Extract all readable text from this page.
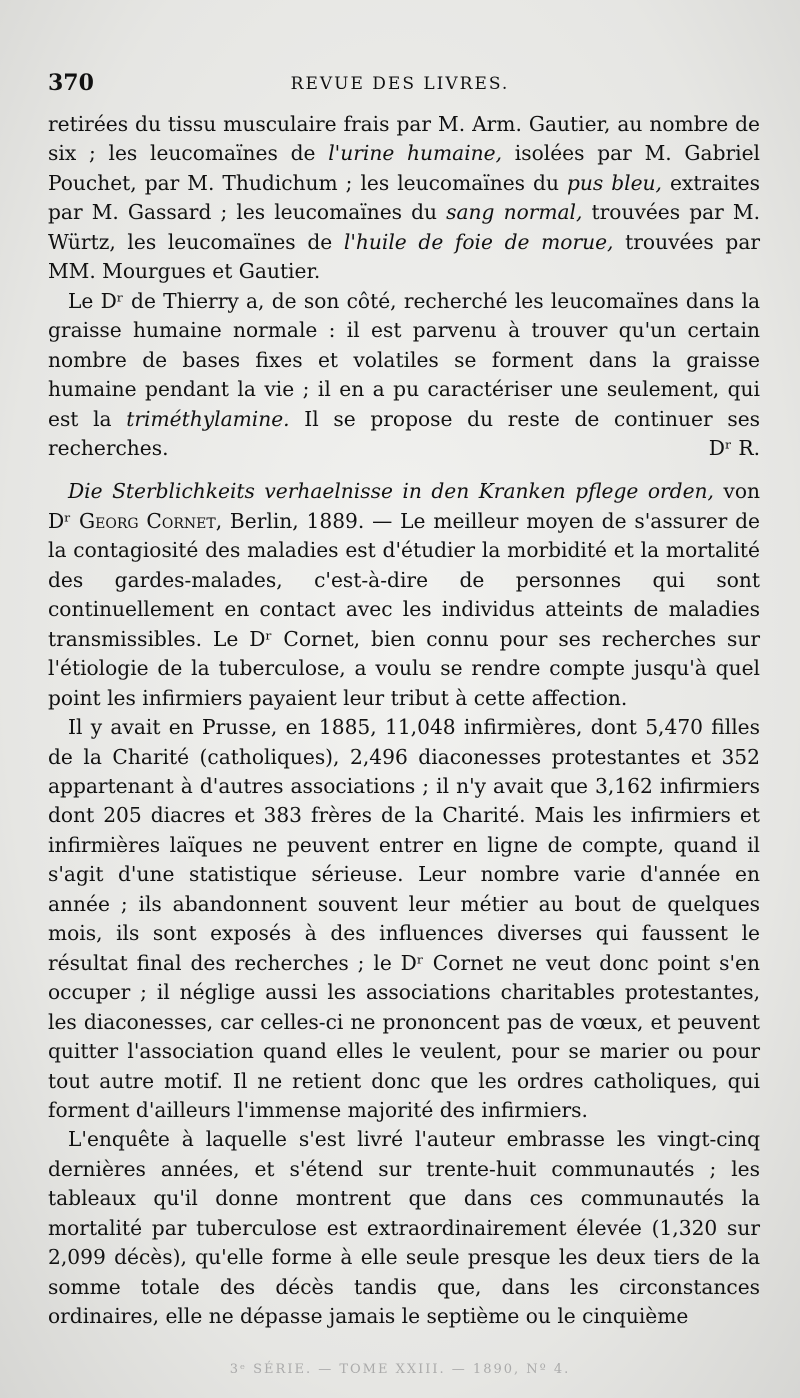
370	REVUE DES LIVRES.

retirées du tissu musculaire frais par M. Arm. Gautier, au nombre de six ; les leucomaïnes de l'urine humaine, isolées par M. Gabriel Pouchet, par M. Thudichum ; les leucomaïnes du pus bleu, extraites par M. Gassard ; les leucomaïnes du sang normal, trouvées par M. Würtz, les leucomaïnes de l'huile de foie de morue, trouvées par MM. Mourgues et Gautier.

Le Dʳ de Thierry a, de son côté, recherché les leucomaïnes dans la graisse humaine normale : il est parvenu à trouver qu'un certain nombre de bases fixes et volatiles se forment dans la graisse humaine pendant la vie ; il en a pu caractériser une seulement, qui est la triméthylamine. Il se propose du reste de continuer ses recherches.	Dʳ R.

Die Sterblichkeits verhaelnisse in den Kranken pflege orden, von Dʳ Georg Cornet, Berlin, 1889. — Le meilleur moyen de s'assurer de la contagiosité des maladies est d'étudier la morbidité et la mortalité des gardes-malades, c'est-à-dire de personnes qui sont continuellement en contact avec les individus atteints de maladies transmissibles. Le Dʳ Cornet, bien connu pour ses recherches sur l'étiologie de la tuberculose, a voulu se rendre compte jusqu'à quel point les infirmiers payaient leur tribut à cette affection.

Il y avait en Prusse, en 1885, 11,048 infirmières, dont 5,470 filles de la Charité (catholiques), 2,496 diaconesses protestantes et 352 appartenant à d'autres associations ; il n'y avait que 3,162 infirmiers dont 205 diacres et 383 frères de la Charité. Mais les infirmiers et infirmières laïques ne peuvent entrer en ligne de compte, quand il s'agit d'une statistique sérieuse. Leur nombre varie d'année en année ; ils abandonnent souvent leur métier au bout de quelques mois, ils sont exposés à des influences diverses qui faussent le résultat final des recherches ; le Dʳ Cornet ne veut donc point s'en occuper ; il néglige aussi les associations charitables protestantes, les diaconesses, car celles-ci ne prononcent pas de vœux, et peuvent quitter l'association quand elles le veulent, pour se marier ou pour tout autre motif. Il ne retient donc que les ordres catholiques, qui forment d'ailleurs l'immense majorité des infirmiers.

L'enquête à laquelle s'est livré l'auteur embrasse les vingt-cinq dernières années, et s'étend sur trente-huit communautés ; les tableaux qu'il donne montrent que dans ces communautés la mortalité par tuberculose est extraordinairement élevée (1,320 sur 2,099 décès), qu'elle forme à elle seule presque les deux tiers de la somme totale des décès tandis que, dans les circonstances ordinaires, elle ne dépasse jamais le septième ou le cinquième

3ᵉ SÉRIE. — TOME XXIII. — 1890, Nº 4.
